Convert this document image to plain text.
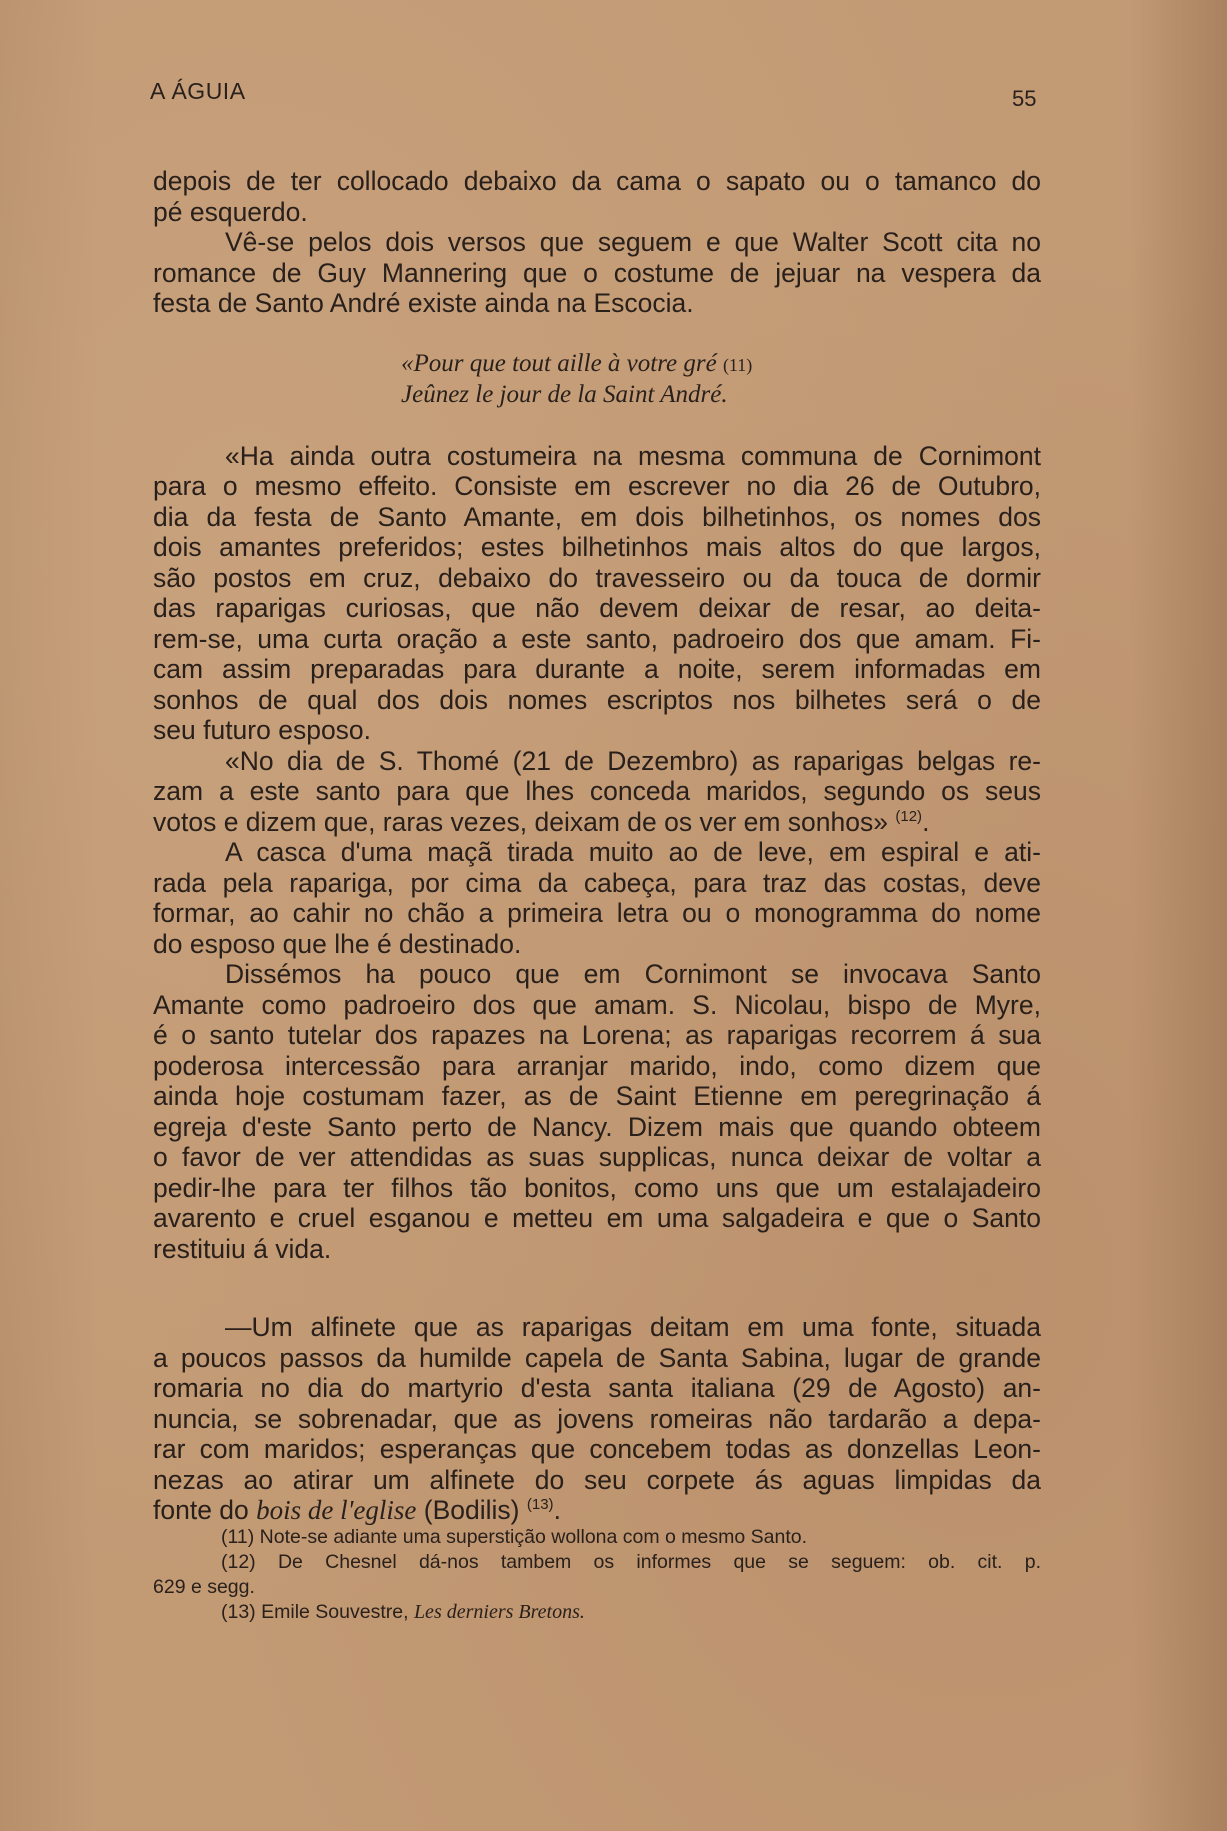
A ÁGUIA	55
depois de ter collocado debaixo da cama o sapato ou o tamanco do
pé esquerdo.
Vê-se pelos dois versos que seguem e que Walter Scott cita no
romance de Guy Mannering que o costume de jejuar na vespera da
festa de Santo André existe ainda na Escocia.
«Pour que tout aille à votre gré (11)
Jeûnez le jour de la Saint André.
«Ha ainda outra costumeira na mesma communa de Cornimont
para o mesmo effeito. Consiste em escrever no dia 26 de Outubro,
dia da festa de Santo Amante, em dois bilhetinhos, os nomes dos
dois amantes preferidos; estes bilhetinhos mais altos do que largos,
são postos em cruz, debaixo do travesseiro ou da touca de dormir
das raparigas curiosas, que não devem deixar de resar, ao deita-
rem-se, uma curta oração a este santo, padroeiro dos que amam. Fi-
cam assim preparadas para durante a noite, serem informadas em
sonhos de qual dos dois nomes escriptos nos bilhetes será o de
seu futuro esposo.
«No dia de S. Thomé (21 de Dezembro) as raparigas belgas re-
zam a este santo para que lhes conceda maridos, segundo os seus
votos e dizem que, raras vezes, deixam de os ver em sonhos» $^{(12)}$.
A casca d'uma maçã tirada muito ao de leve, em espiral e ati-
rada pela rapariga, por cima da cabeça, para traz das costas, deve
formar, ao cahir no chão a primeira letra ou o monogramma do nome
do esposo que lhe é destinado.
Dissémos ha pouco que em Cornimont se invocava Santo
Amante como padroeiro dos que amam. S. Nicolau, bispo de Myre,
é o santo tutelar dos rapazes na Lorena; as raparigas recorrem á sua
poderosa intercessão para arranjar marido, indo, como dizem que
ainda hoje costumam fazer, as de Saint Etienne em peregrinação á
egreja d'este Santo perto de Nancy. Dizem mais que quando obteem
o favor de ver attendidas as suas supplicas, nunca deixar de voltar a
pedir-lhe para ter filhos tão bonitos, como uns que um estalajadeiro
avarento e cruel esganou e metteu em uma salgadeira e que o Santo
restituiu á vida.
—Um alfinete que as raparigas deitam em uma fonte, situada
a poucos passos da humilde capela de Santa Sabina, lugar de grande
romaria no dia do martyrio d'esta santa italiana (29 de Agosto) an-
nuncia, se sobrenadar, que as jovens romeiras não tardarão a depa-
rar com maridos; esperanças que concebem todas as donzellas Leon-
nezas ao atirar um alfinete do seu corpete ás aguas limpidas da
fonte do bois de l'eglise (Bodilis) $^{(13)}$.
(11) Note-se adiante uma superstição wollona com o mesmo Santo.
(12) De Chesnel dá-nos tambem os informes que se seguem: ob. cit. p.
629 e segg.
(13) Emile Souvestre, Les derniers Bretons.
